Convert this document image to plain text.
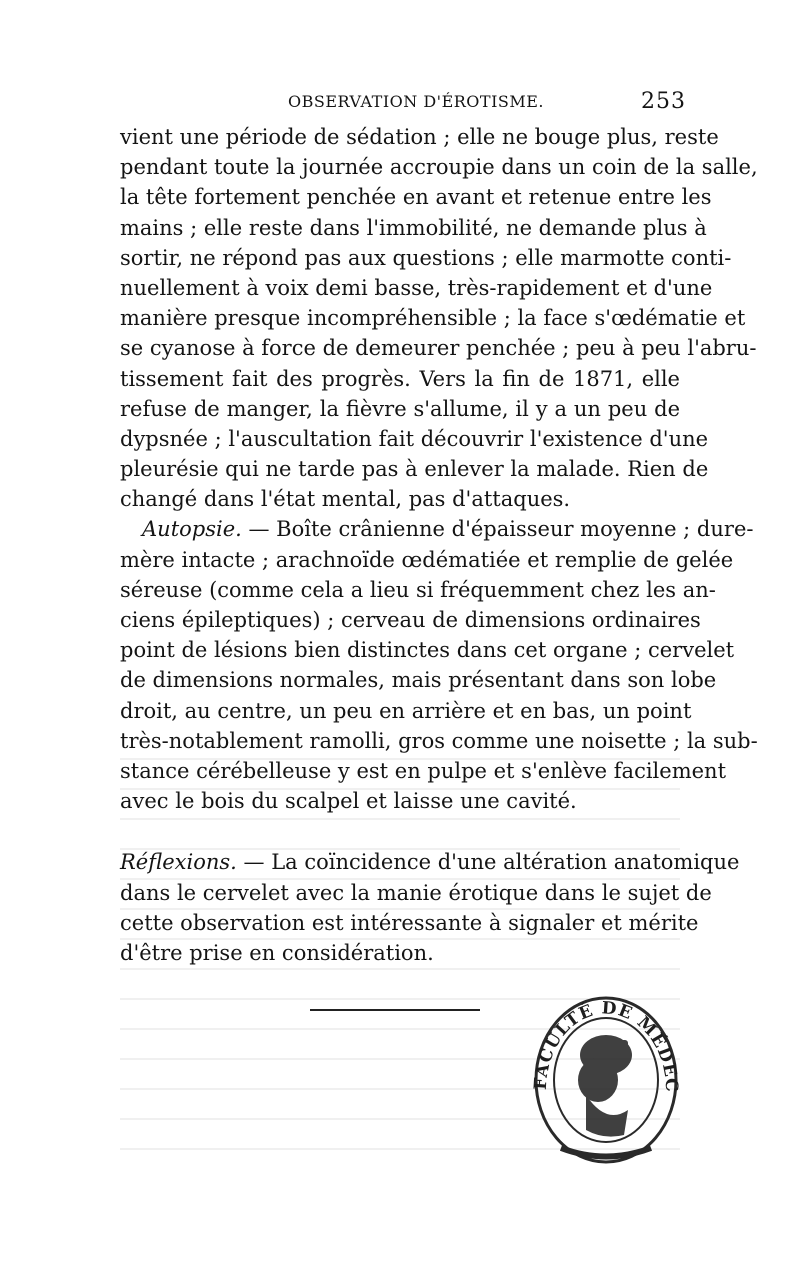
OBSERVATION D'ÉROTISME.	253
vient une période de sédation ; elle ne bouge plus, reste
pendant toute la journée accroupie dans un coin de la salle,
la tête fortement penchée en avant et retenue entre les
mains ; elle reste dans l'immobilité, ne demande plus à
sortir, ne répond pas aux questions ; elle marmotte conti-
nuellement à voix demi basse, très-rapidement et d'une
manière presque incompréhensible ; la face s'œdématie et
se cyanose à force de demeurer penchée ; peu à peu l'abru-
tissement fait des progrès. Vers la fin de 1871, elle
refuse de manger, la fièvre s'allume, il y a un peu de
dypsnée ; l'auscultation fait découvrir l'existence d'une
pleurésie qui ne tarde pas à enlever la malade. Rien de
changé dans l'état mental, pas d'attaques.
Autopsie. — Boîte crânienne d'épaisseur moyenne ; dure-
mère intacte ; arachnoïde œdématiée et remplie de gelée
séreuse (comme cela a lieu si fréquemment chez les an-
ciens épileptiques) ; cerveau de dimensions ordinaires
point de lésions bien distinctes dans cet organe ; cervelet
de dimensions normales, mais présentant dans son lobe
droit, au centre, un peu en arrière et en bas, un point
très-notablement ramolli, gros comme une noisette ; la sub-
stance cérébelleuse y est en pulpe et s'enlève facilement
avec le bois du scalpel et laisse une cavité.
Réflexions. — La coïncidence d'une altération anatomique
dans le cervelet avec la manie érotique dans le sujet de
cette observation est intéressante à signaler et mérite
d'être prise en considération.
FACULTÉ DE MÉDEC
